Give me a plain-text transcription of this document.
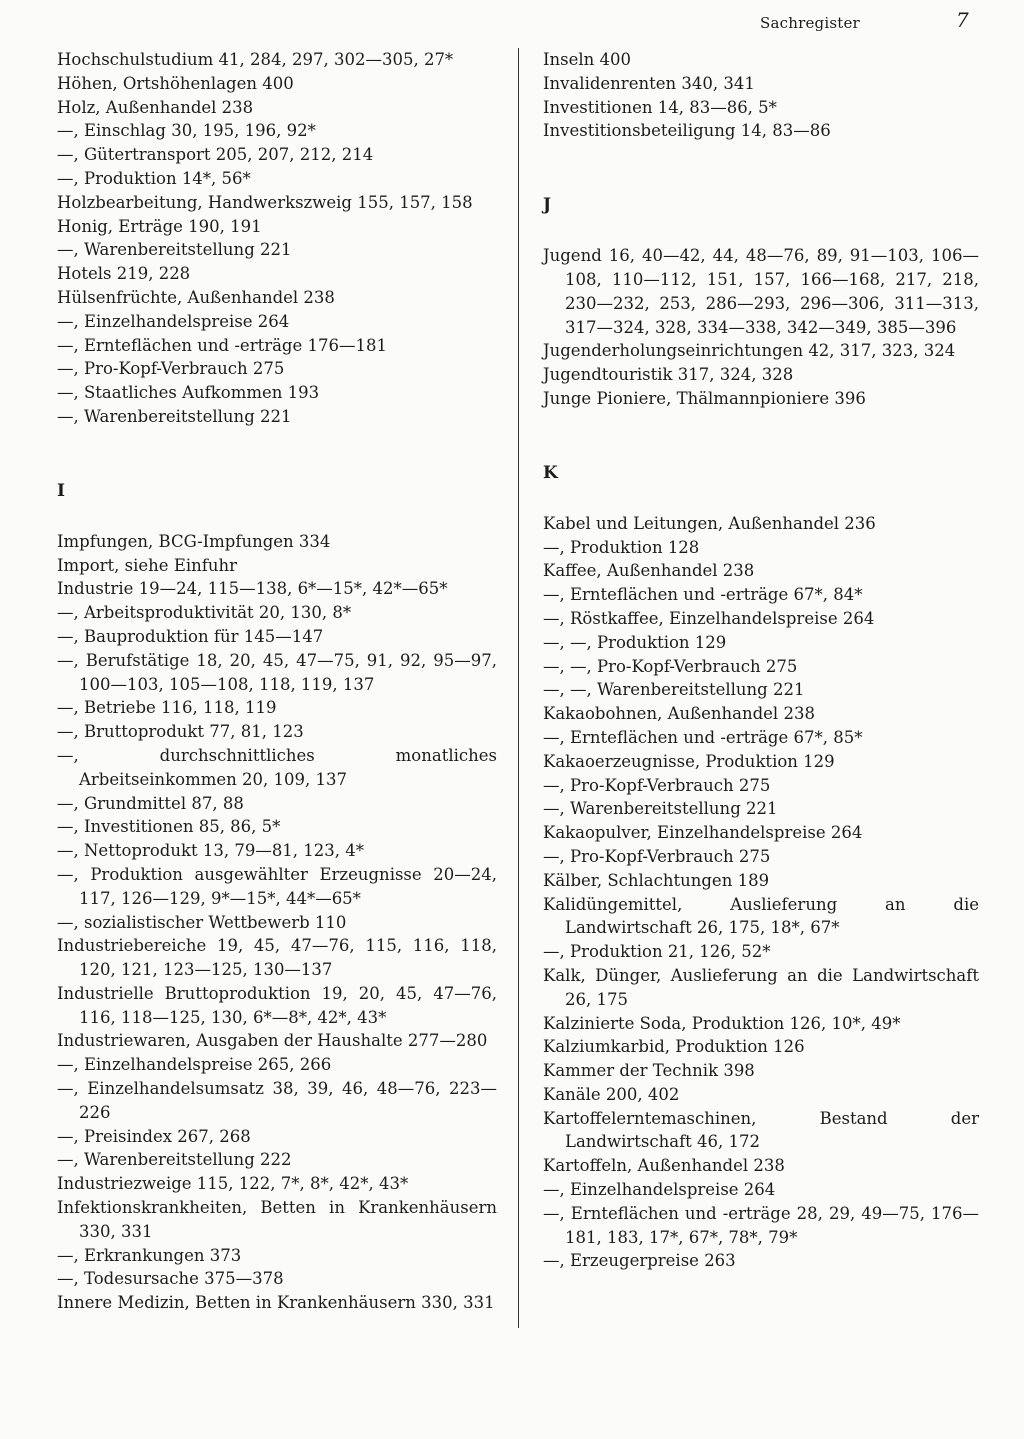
Sachregister	7
Hochschulstudium 41, 284, 297, 302—305, 27*
Höhen, Ortshöhenlagen 400
Holz, Außenhandel 238
—, Einschlag 30, 195, 196, 92*
—, Gütertransport 205, 207, 212, 214
—, Produktion 14*, 56*
Holzbearbeitung, Handwerkszweig 155, 157, 158
Honig, Erträge 190, 191
—, Warenbereitstellung 221
Hotels 219, 228
Hülsenfrüchte, Außenhandel 238
—, Einzelhandelspreise 264
—, Ernteflächen und -erträge 176—181
—, Pro-Kopf-Verbrauch 275
—, Staatliches Aufkommen 193
—, Warenbereitstellung 221
I
Impfungen, BCG-Impfungen 334
Import, siehe Einfuhr
Industrie 19—24, 115—138, 6*—15*, 42*—65*
—, Arbeitsproduktivität 20, 130, 8*
—, Bauproduktion für 145—147
—, Berufstätige 18, 20, 45, 47—75, 91, 92, 95—97, 100—103, 105—108, 118, 119, 137
—, Betriebe 116, 118, 119
—, Bruttoprodukt 77, 81, 123
—, durchschnittliches monatliches Arbeitseinkommen 20, 109, 137
—, Grundmittel 87, 88
—, Investitionen 85, 86, 5*
—, Nettoprodukt 13, 79—81, 123, 4*
—, Produktion ausgewählter Erzeugnisse 20—24, 117, 126—129, 9*—15*, 44*—65*
—, sozialistischer Wettbewerb 110
Industriebereiche 19, 45, 47—76, 115, 116, 118, 120, 121, 123—125, 130—137
Industrielle Bruttoproduktion 19, 20, 45, 47—76, 116, 118—125, 130, 6*—8*, 42*, 43*
Industriewaren, Ausgaben der Haushalte 277—280
—, Einzelhandelspreise 265, 266
—, Einzelhandelsumsatz 38, 39, 46, 48—76, 223—226
—, Preisindex 267, 268
—, Warenbereitstellung 222
Industriezweige 115, 122, 7*, 8*, 42*, 43*
Infektionskrankheiten, Betten in Krankenhäusern 330, 331
—, Erkrankungen 373
—, Todesursache 375—378
Innere Medizin, Betten in Krankenhäusern 330, 331
Inseln 400
Invalidenrenten 340, 341
Investitionen 14, 83—86, 5*
Investitionsbeteiligung 14, 83—86
J
Jugend 16, 40—42, 44, 48—76, 89, 91—103, 106—108, 110—112, 151, 157, 166—168, 217, 218, 230—232, 253, 286—293, 296—306, 311—313, 317—324, 328, 334—338, 342—349, 385—396
Jugenderholungseinrichtungen 42, 317, 323, 324
Jugendtouristik 317, 324, 328
Junge Pioniere, Thälmannpioniere 396
K
Kabel und Leitungen, Außenhandel 236
—, Produktion 128
Kaffee, Außenhandel 238
—, Ernteflächen und -erträge 67*, 84*
—, Röstkaffee, Einzelhandelspreise 264
—, —, Produktion 129
—, —, Pro-Kopf-Verbrauch 275
—, —, Warenbereitstellung 221
Kakaobohnen, Außenhandel 238
—, Ernteflächen und -erträge 67*, 85*
Kakaoerzeugnisse, Produktion 129
—, Pro-Kopf-Verbrauch 275
—, Warenbereitstellung 221
Kakaopulver, Einzelhandelspreise 264
—, Pro-Kopf-Verbrauch 275
Kälber, Schlachtungen 189
Kalidüngemittel, Auslieferung an die Landwirtschaft 26, 175, 18*, 67*
—, Produktion 21, 126, 52*
Kalk, Dünger, Auslieferung an die Landwirtschaft 26, 175
Kalzinierte Soda, Produktion 126, 10*, 49*
Kalziumkarbid, Produktion 126
Kammer der Technik 398
Kanäle 200, 402
Kartoffelerntemaschinen, Bestand der Landwirtschaft 46, 172
Kartoffeln, Außenhandel 238
—, Einzelhandelspreise 264
—, Ernteflächen und -erträge 28, 29, 49—75, 176—181, 183, 17*, 67*, 78*, 79*
—, Erzeugerpreise 263
